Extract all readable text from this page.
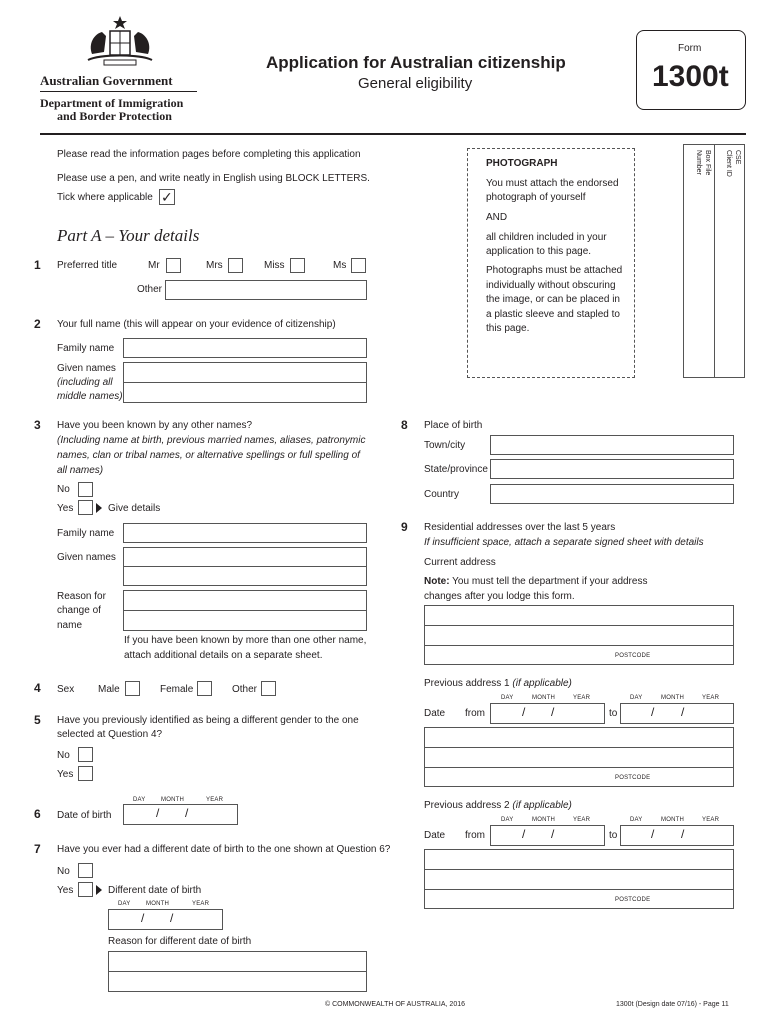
Australian Government
Department of Immigration
and Border Protection
Application for Australian citizenship
General eligibility
Form
1300t
Please read the information pages before completing this application
Please use a pen, and write neatly in English using BLOCK LETTERS.
Tick where applicable ✓
PHOTOGRAPH
You must attach the endorsed
photograph of yourself
AND
all children included in your
application to this page.
Photographs must be attached
individually without obscuring
the image, or can be placed in
a plastic sleeve and stapled to
this page.
CSE
Client ID
Box File
Number
Part A – Your details
1 Preferred title	Mr	Mrs	Miss	Ms
Other
2 Your full name (this will appear on your evidence of citizenship)
Family name
Given names
(including all
middle names)
3 Have you been known by any other names?
(Including name at birth, previous married names, aliases, patronymic
names, clan or tribal names, or alternative spellings or full spelling of
all names)
No
Yes	Give details
Family name
Given names
Reason for
change of
name
If you have been known by more than one other name,
attach additional details on a separate sheet.
4 Sex Male	Female	Other
5 Have you previously identified as being a different gender to the one
selected at Question 4?
No
Yes
DAY	MONTH	YEAR
6 Date of birth	/ /
7 Have you ever had a different date of birth to the one shown at Question 6?
No
Yes	Different date of birth
DAY	MONTH	YEAR
/ /
Reason for different date of birth
8 Place of birth
Town/city
State/province
Country
9 Residential addresses over the last 5 years
If insufficient space, attach a separate signed sheet with details
Current address
Note: You must tell the department if your address
changes after you lodge this form.
POSTCODE
Previous address 1 (if applicable)
DAY	MONTH	YEAR	DAY	MONTH	YEAR
Date from	/ /	to	/ /
POSTCODE
Previous address 2 (if applicable)
DAY	MONTH	YEAR	DAY	MONTH	YEAR
Date from	/ /	to	/ /
POSTCODE
© COMMONWEALTH OF AUSTRALIA, 2016	1300t (Design date 07/16) - Page 11
